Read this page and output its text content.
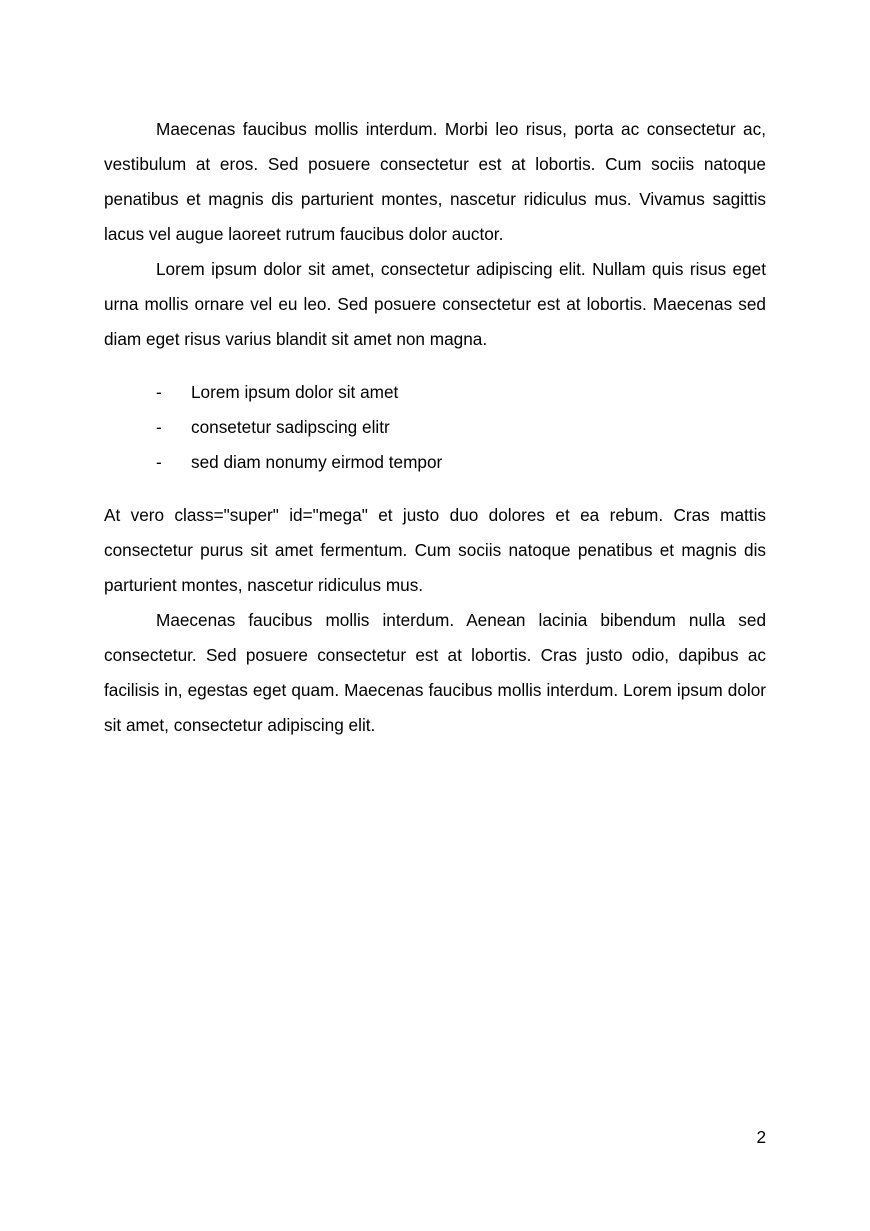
Maecenas faucibus mollis interdum. Morbi leo risus, porta ac consectetur ac, vestibulum at eros. Sed posuere consectetur est at lobortis. Cum sociis natoque penatibus et magnis dis parturient montes, nascetur ridiculus mus. Vivamus sagittis lacus vel augue laoreet rutrum faucibus dolor auctor.

Lorem ipsum dolor sit amet, consectetur adipiscing elit. Nullam quis risus eget urna mollis ornare vel eu leo. Sed posuere consectetur est at lobortis. Maecenas sed diam eget risus varius blandit sit amet non magna.

- Lorem ipsum dolor sit amet
- consetetur sadipscing elitr
- sed diam nonumy eirmod tempor

At vero class="super" id="mega" et justo duo dolores et ea rebum. Cras mattis consectetur purus sit amet fermentum. Cum sociis natoque penatibus et magnis dis parturient montes, nascetur ridiculus mus.

Maecenas faucibus mollis interdum. Aenean lacinia bibendum nulla sed consectetur. Sed posuere consectetur est at lobortis. Cras justo odio, dapibus ac facilisis in, egestas eget quam. Maecenas faucibus mollis interdum. Lorem ipsum dolor sit amet, consectetur adipiscing elit.

2
